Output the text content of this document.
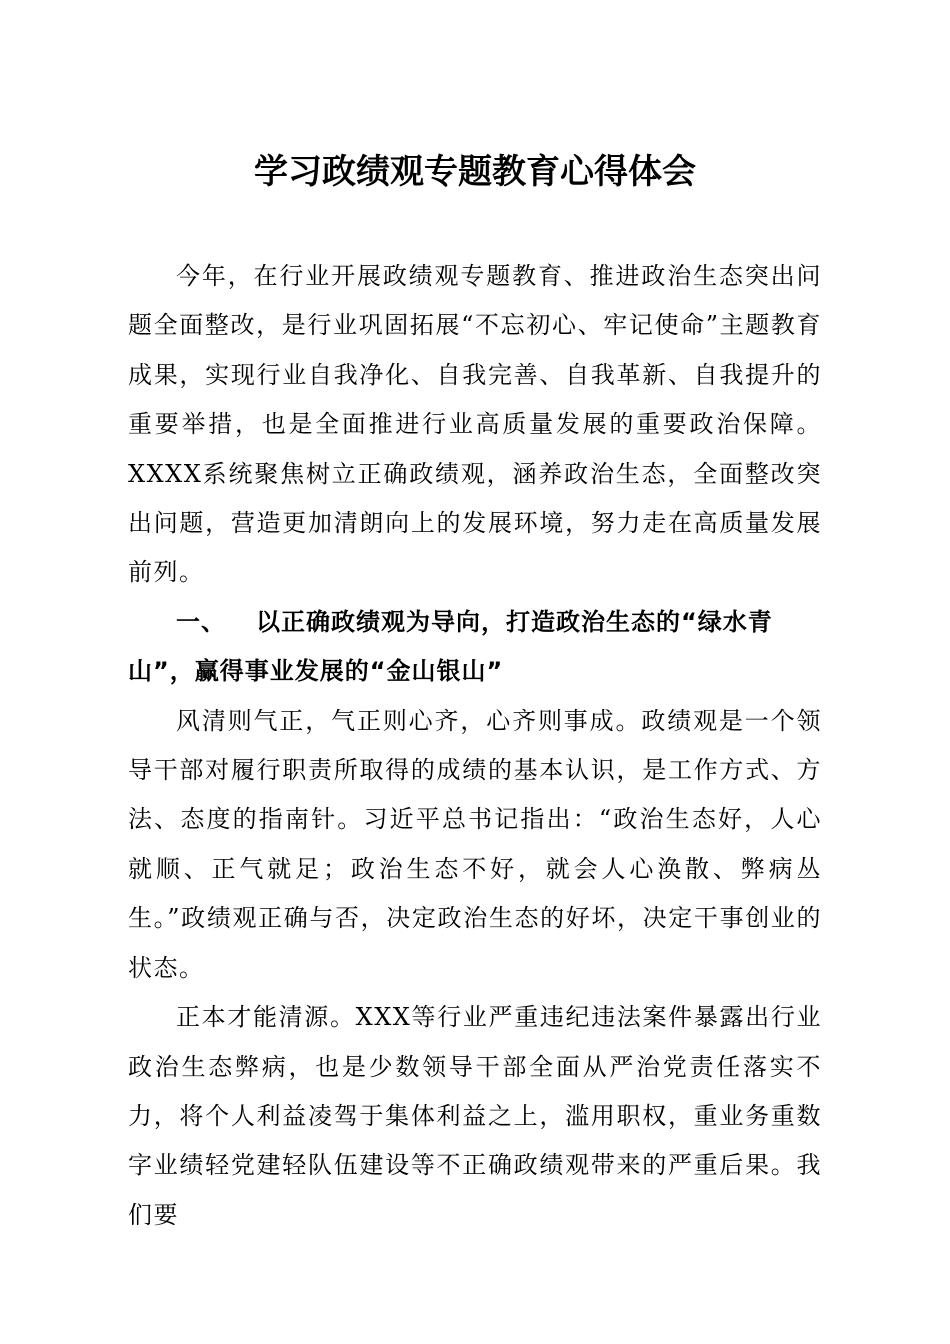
学习政绩观专题教育心得体会

今年，在行业开展政绩观专题教育、推进政治生态突出问题全面整改，是行业巩固拓展“不忘初心、牢记使命”主题教育成果，实现行业自我净化、自我完善、自我革新、自我提升的重要举措，也是全面推进行业高质量发展的重要政治保障。XXXX系统聚焦树立正确政绩观，涵养政治生态，全面整改突出问题，营造更加清朗向上的发展环境，努力走在高质量发展前列。

一、 以正确政绩观为导向，打造政治生态的“绿水青山”，赢得事业发展的“金山银山”

风清则气正，气正则心齐，心齐则事成。政绩观是一个领导干部对履行职责所取得的成绩的基本认识，是工作方式、方法、态度的指南针。习近平总书记指出：“政治生态好，人心就顺、正气就足；政治生态不好，就会人心涣散、弊病丛生。”政绩观正确与否，决定政治生态的好坏，决定干事创业的状态。

正本才能清源。XXX等行业严重违纪违法案件暴露出行业政治生态弊病，也是少数领导干部全面从严治党责任落实不力，将个人利益凌驾于集体利益之上，滥用职权，重业务重数字业绩轻党建轻队伍建设等不正确政绩观带来的严重后果。我们要
